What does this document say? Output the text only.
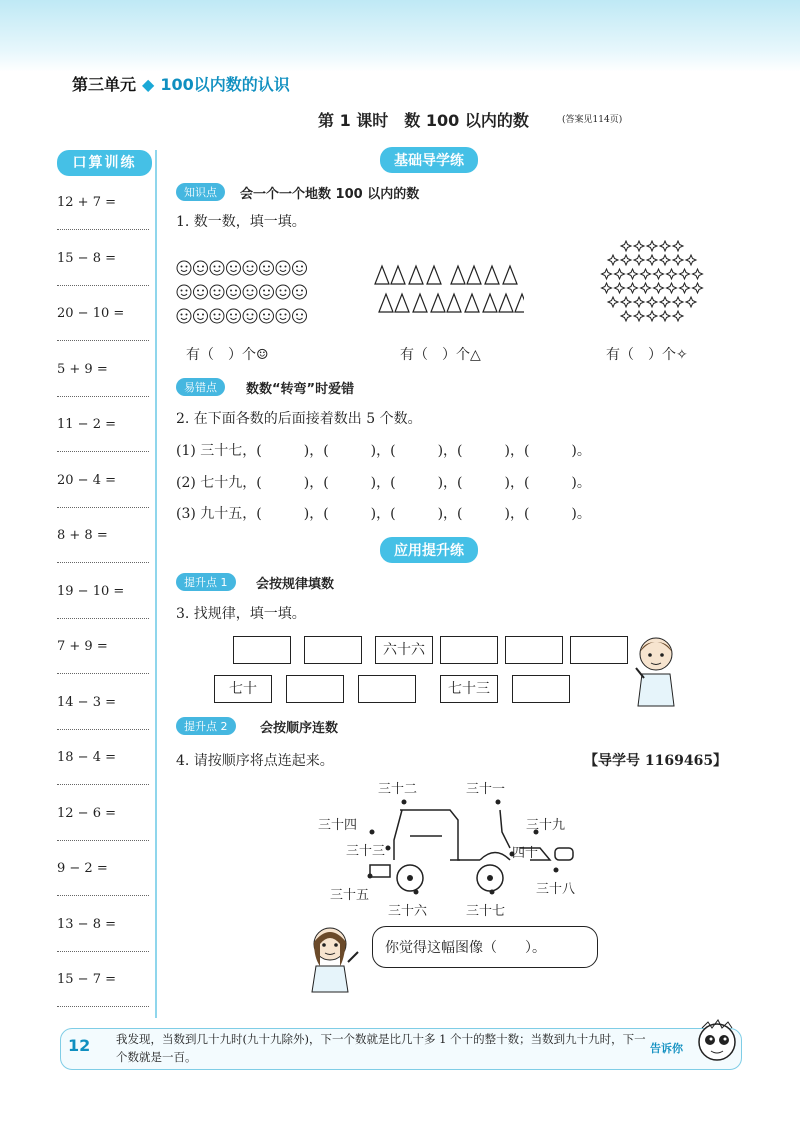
第三单元 ◆ 100以内数的认识
第 1 课时　数 100 以内的数	(答案见114页)
口算训练
12 + 7 =
15 − 8 =
20 − 10 =
5 + 9 =
11 − 2 =
20 − 4 =
8 + 8 =
19 − 10 =
7 + 9 =
14 − 3 =
18 − 4 =
12 − 6 =
9 − 2 =
13 − 8 =
15 − 7 =
基础导学练
知识点	会一个一个地数 100 以内的数
1. 数一数，填一填。
有（　）个☺	有（　）个△	有（　）个✧
易错点	数数“转弯”时爱错
2. 在下面各数的后面接着数出 5 个数。
(1) 三十七，(　　　)，(　　　)，(　　　)，(　　　)，(　　　)。
(2) 七十九，(　　　)，(　　　)，(　　　)，(　　　)，(　　　)。
(3) 九十五，(　　　)，(　　　)，(　　　)，(　　　)，(　　　)。
应用提升练
提升点 1	会按规律填数
3. 找规律，填一填。
六十六
七十	七十三
提升点 2	会按顺序连数
4. 请按顺序将点连起来。	【导学号 1169465】
三十二	三十一
三十四	三十九
三十三	四十
三十五	三十八
三十六	三十七
你觉得这幅图像（　　）。
12 我发现，当数到几十九时(九十九除外)，下一个数就是比几十多 1 个十的整十数；当数到九十九时，下一个数就是一百。
告诉你
